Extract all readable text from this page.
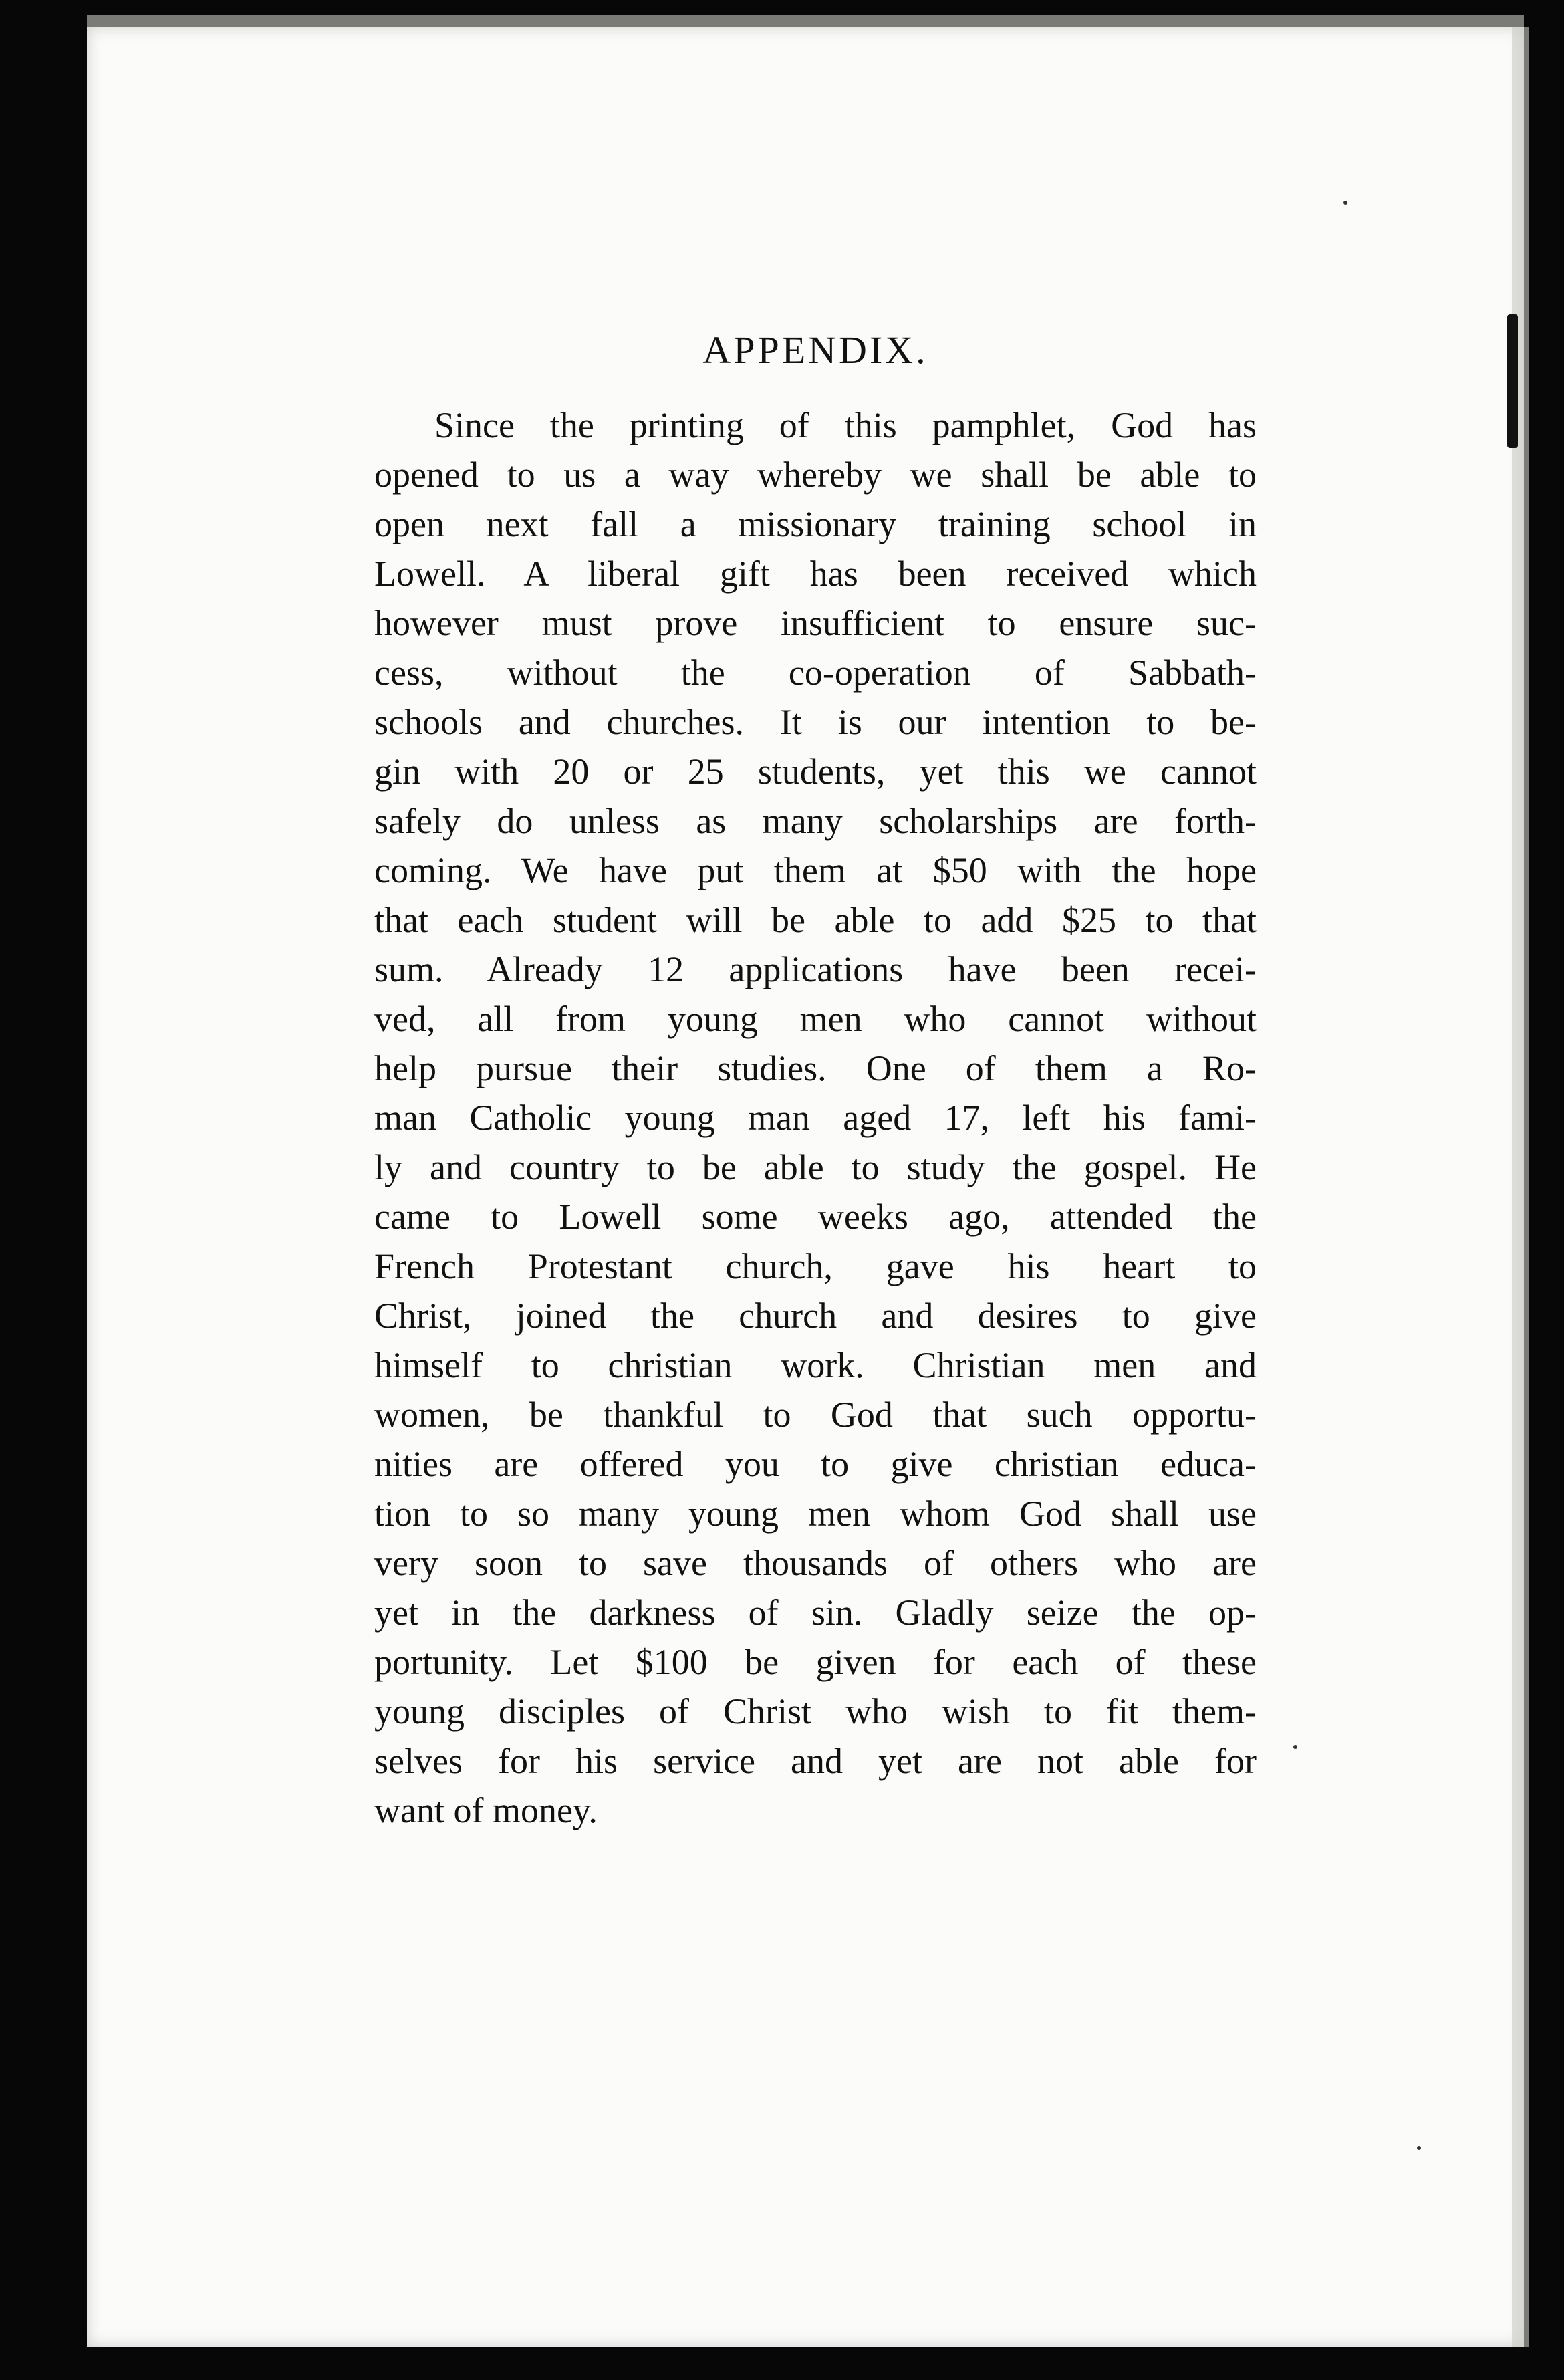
APPENDIX.

Since the printing of this pamphlet, God has
opened to us a way whereby we shall be able to
open next fall a missionary training school in
Lowell. A liberal gift has been received which
however must prove insufficient to ensure suc-
cess, without the co-operation of Sabbath-
schools and churches. It is our intention to be-
gin with 20 or 25 students, yet this we cannot
safely do unless as many scholarships are forth-
coming. We have put them at $50 with the hope
that each student will be able to add $25 to that
sum. Already 12 applications have been recei-
ved, all from young men who cannot without
help pursue their studies. One of them a Ro-
man Catholic young man aged 17, left his fami-
ly and country to be able to study the gospel. He
came to Lowell some weeks ago, attended the
French Protestant church, gave his heart to
Christ, joined the church and desires to give
himself to christian work. Christian men and
women, be thankful to God that such opportu-
nities are offered you to give christian educa-
tion to so many young men whom God shall use
very soon to save thousands of others who are
yet in the darkness of sin. Gladly seize the op-
portunity. Let $100 be given for each of these
young disciples of Christ who wish to fit them-
selves for his service and yet are not able for
want of money.
